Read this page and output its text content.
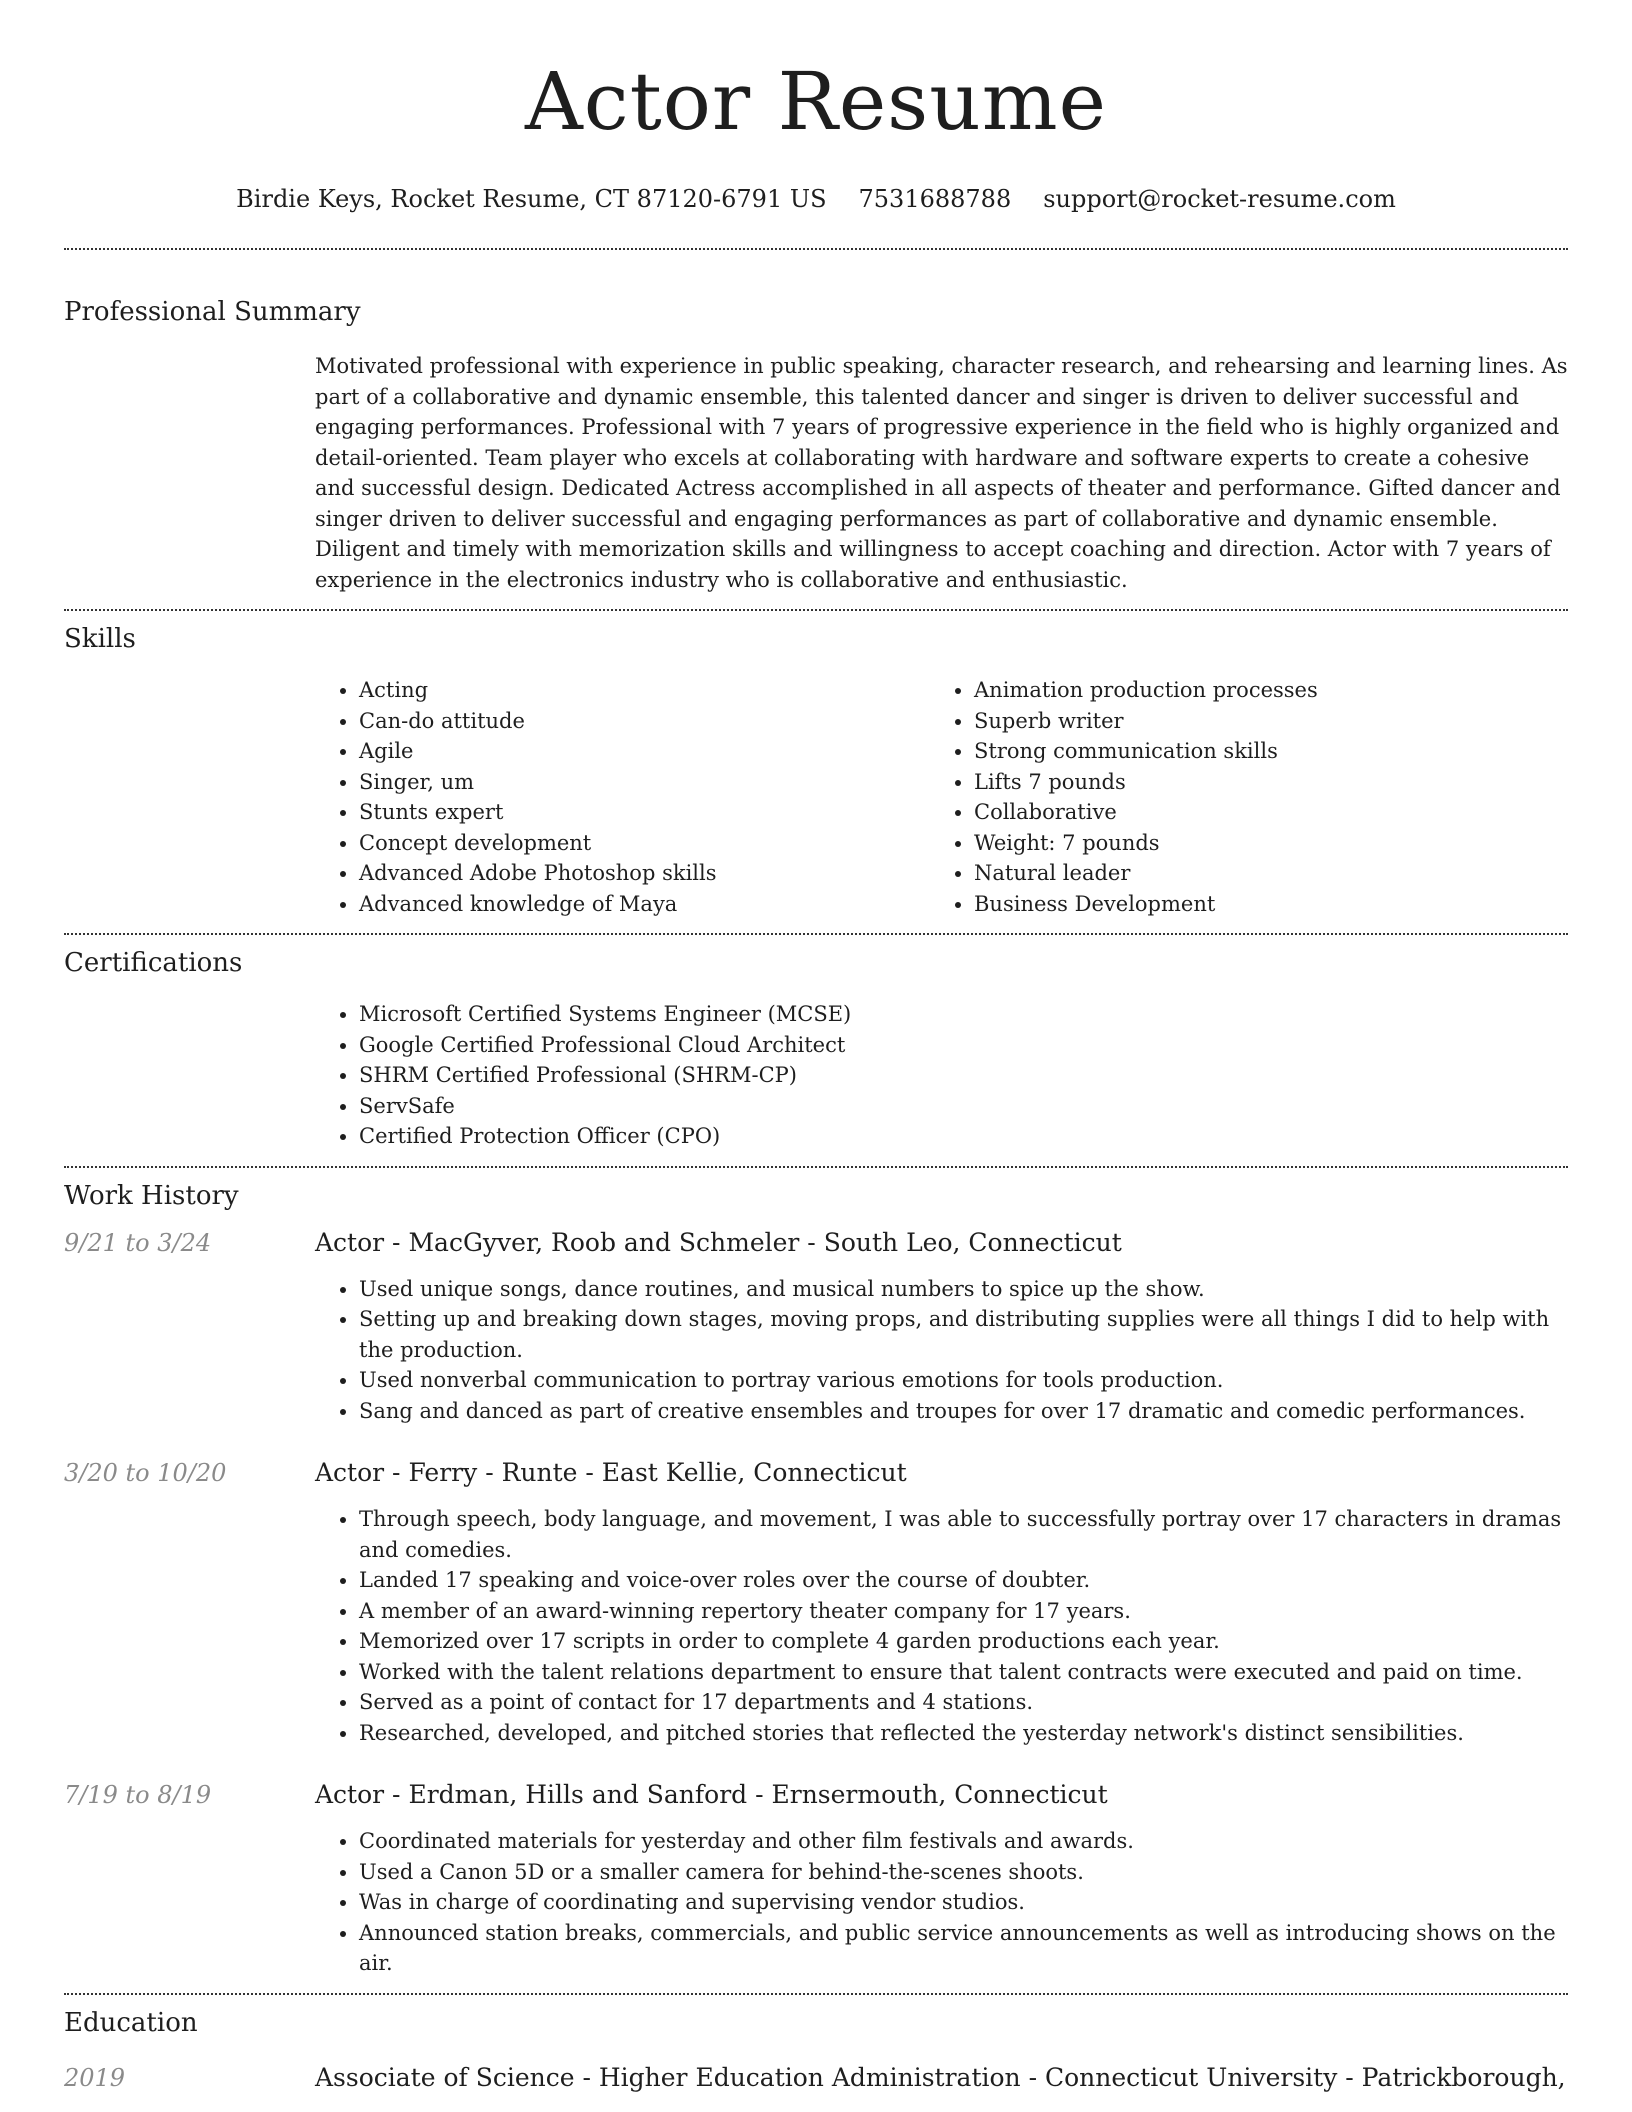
Actor Resume
Birdie Keys, Rocket Resume, CT 87120-6791 US 7531688788 support@rocket-resume.com
Professional Summary

Motivated professional with experience in public speaking, character research, and rehearsing and learning lines. As part of a collaborative and dynamic ensemble, this talented dancer and singer is driven to deliver successful and engaging performances. Professional with 7 years of progressive experience in the field who is highly organized and detail-oriented. Team player who excels at collaborating with hardware and software experts to create a cohesive and successful design. Dedicated Actress accomplished in all aspects of theater and performance. Gifted dancer and singer driven to deliver successful and engaging performances as part of collaborative and dynamic ensemble. Diligent and timely with memorization skills and willingness to accept coaching and direction. Actor with 7 years of experience in the electronics industry who is collaborative and enthusiastic.

Skills
• Acting
• Can-do attitude
• Agile
• Singer, um
• Stunts expert
• Concept development
• Advanced Adobe Photoshop skills
• Advanced knowledge of Maya
• Animation production processes
• Superb writer
• Strong communication skills
• Lifts 7 pounds
• Collaborative
• Weight: 7 pounds
• Natural leader
• Business Development
Certifications
• Microsoft Certified Systems Engineer (MCSE)
• Google Certified Professional Cloud Architect
• SHRM Certified Professional (SHRM-CP)
• ServSafe
• Certified Protection Officer (CPO)
Work History
9/21 to 3/24	Actor - MacGyver, Roob and Schmeler - South Leo, Connecticut
• Used unique songs, dance routines, and musical numbers to spice up the show.
• Setting up and breaking down stages, moving props, and distributing supplies were all things I did to help with the production.
• Used nonverbal communication to portray various emotions for tools production.
• Sang and danced as part of creative ensembles and troupes for over 17 dramatic and comedic performances.
3/20 to 10/20	Actor - Ferry - Runte - East Kellie, Connecticut
• Through speech, body language, and movement, I was able to successfully portray over 17 characters in dramas and comedies.
• Landed 17 speaking and voice-over roles over the course of doubter.
• A member of an award-winning repertory theater company for 17 years.
• Memorized over 17 scripts in order to complete 4 garden productions each year.
• Worked with the talent relations department to ensure that talent contracts were executed and paid on time.
• Served as a point of contact for 17 departments and 4 stations.
• Researched, developed, and pitched stories that reflected the yesterday network's distinct sensibilities.
7/19 to 8/19	Actor - Erdman, Hills and Sanford - Ernsermouth, Connecticut
• Coordinated materials for yesterday and other film festivals and awards.
• Used a Canon 5D or a smaller camera for behind-the-scenes shoots.
• Was in charge of coordinating and supervising vendor studios.
• Announced station breaks, commercials, and public service announcements as well as introducing shows on the air.
Education
2019	Associate of Science - Higher Education Administration - Connecticut University - Patrickborough,
